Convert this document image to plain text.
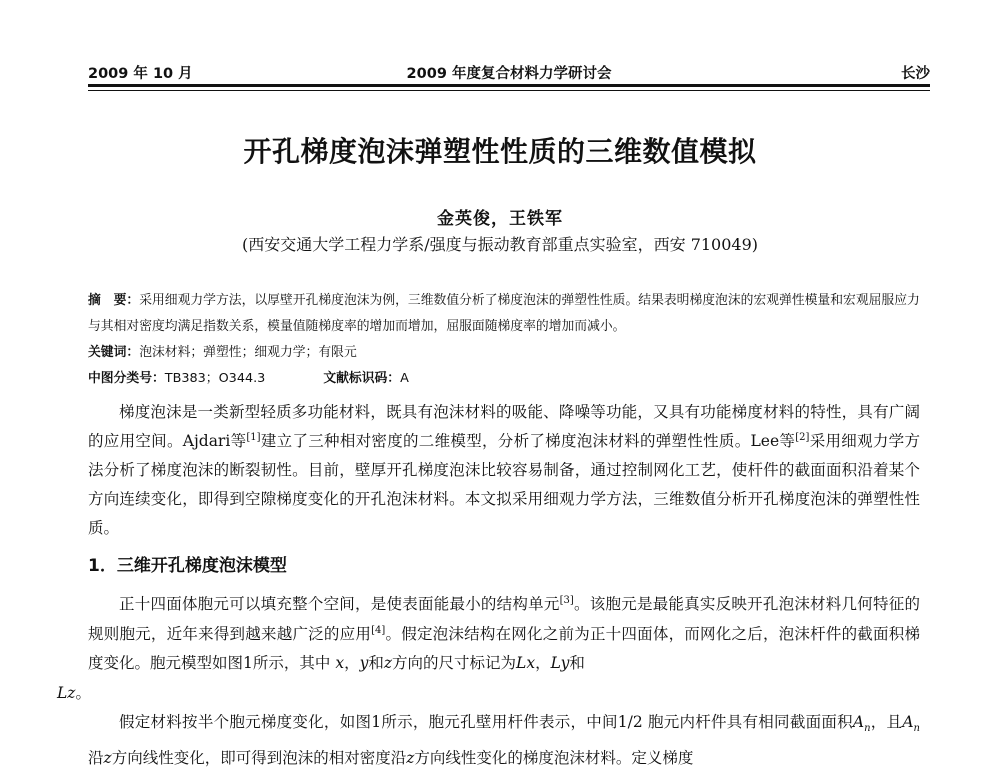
2009 年 10 月	2009 年度复合材料力学研讨会	长沙
开孔梯度泡沫弹塑性性质的三维数值模拟
金英俊，王铁军
(西安交通大学工程力学系/强度与振动教育部重点实验室，西安 710049)

摘　要：采用细观力学方法，以厚壁开孔梯度泡沫为例，三维数值分析了梯度泡沫的弹塑性性质。结果表明梯度泡沫的宏观弹性模量和宏观屈服应力与其相对密度均满足指数关系，模量值随梯度率的增加而增加，屈服面随梯度率的增加而减小。

关键词：泡沫材料；弹塑性；细观力学；有限元

中图分类号：TB383；O344.3	文献标识码：A

梯度泡沫是一类新型轻质多功能材料，既具有泡沫材料的吸能、降噪等功能，又具有功能梯度材料的特性，具有广阔的应用空间。Ajdari等[1]建立了三种相对密度的二维模型，分析了梯度泡沫材料的弹塑性性质。Lee等[2]采用细观力学方法分析了梯度泡沫的断裂韧性。目前，壁厚开孔梯度泡沫比较容易制备，通过控制网化工艺，使杆件的截面面积沿着某个方向连续变化，即得到空隙梯度变化的开孔泡沫材料。本文拟采用细观力学方法，三维数值分析开孔梯度泡沫的弹塑性性质。

1．三维开孔梯度泡沫模型

正十四面体胞元可以填充整个空间，是使表面能最小的结构单元[3]。该胞元是最能真实反映开孔泡沫材料几何特征的规则胞元，近年来得到越来越广泛的应用[4]。假定泡沫结构在网化之前为正十四面体，而网化之后，泡沫杆件的截面积梯度变化。胞元模型如图1所示，其中 x，y和z方向的尺寸标记为Lx，Ly和
Lz。

假定材料按半个胞元梯度变化，如图1所示，胞元孔壁用杆件表示，中间1/2 胞元内杆件具有相同截面面积$A_n$，且$A_n$沿z方向线性变化，即可得到泡沫的相对密度沿z方向线性变化的梯度泡沫材料。定义梯度
